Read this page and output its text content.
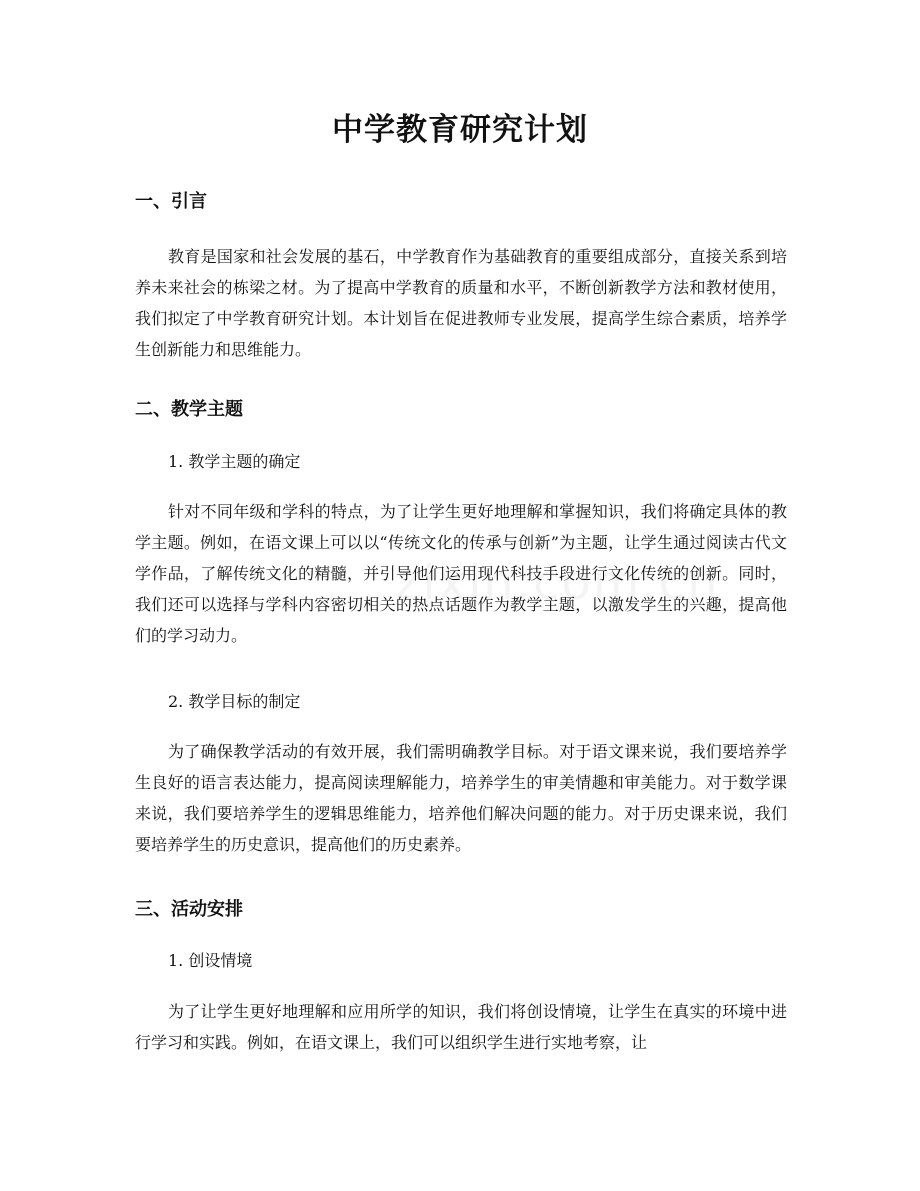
中学教育研究计划
一、引言

教育是国家和社会发展的基石，中学教育作为基础教育的重要组成部分，直接关系到培养未来社会的栋梁之材。为了提高中学教育的质量和水平，不断创新教学方法和教材使用，我们拟定了中学教育研究计划。本计划旨在促进教师专业发展，提高学生综合素质，培养学生创新能力和思维能力。

二、教学主题

1. 教学主题的确定

针对不同年级和学科的特点，为了让学生更好地理解和掌握知识，我们将确定具体的教学主题。例如，在语文课上可以以“传统文化的传承与创新”为主题，让学生通过阅读古代文学作品，了解传统文化的精髓，并引导他们运用现代科技手段进行文化传统的创新。同时，我们还可以选择与学科内容密切相关的热点话题作为教学主题，以激发学生的兴趣，提高他们的学习动力。

2. 教学目标的制定

为了确保教学活动的有效开展，我们需明确教学目标。对于语文课来说，我们要培养学生良好的语言表达能力，提高阅读理解能力，培养学生的审美情趣和审美能力。对于数学课来说，我们要培养学生的逻辑思维能力，培养他们解决问题的能力。对于历史课来说，我们要培养学生的历史意识，提高他们的历史素养。

三、活动安排

1. 创设情境

为了让学生更好地理解和应用所学的知识，我们将创设情境，让学生在真实的环境中进行学习和实践。例如，在语文课上，我们可以组织学生进行实地考察，让
